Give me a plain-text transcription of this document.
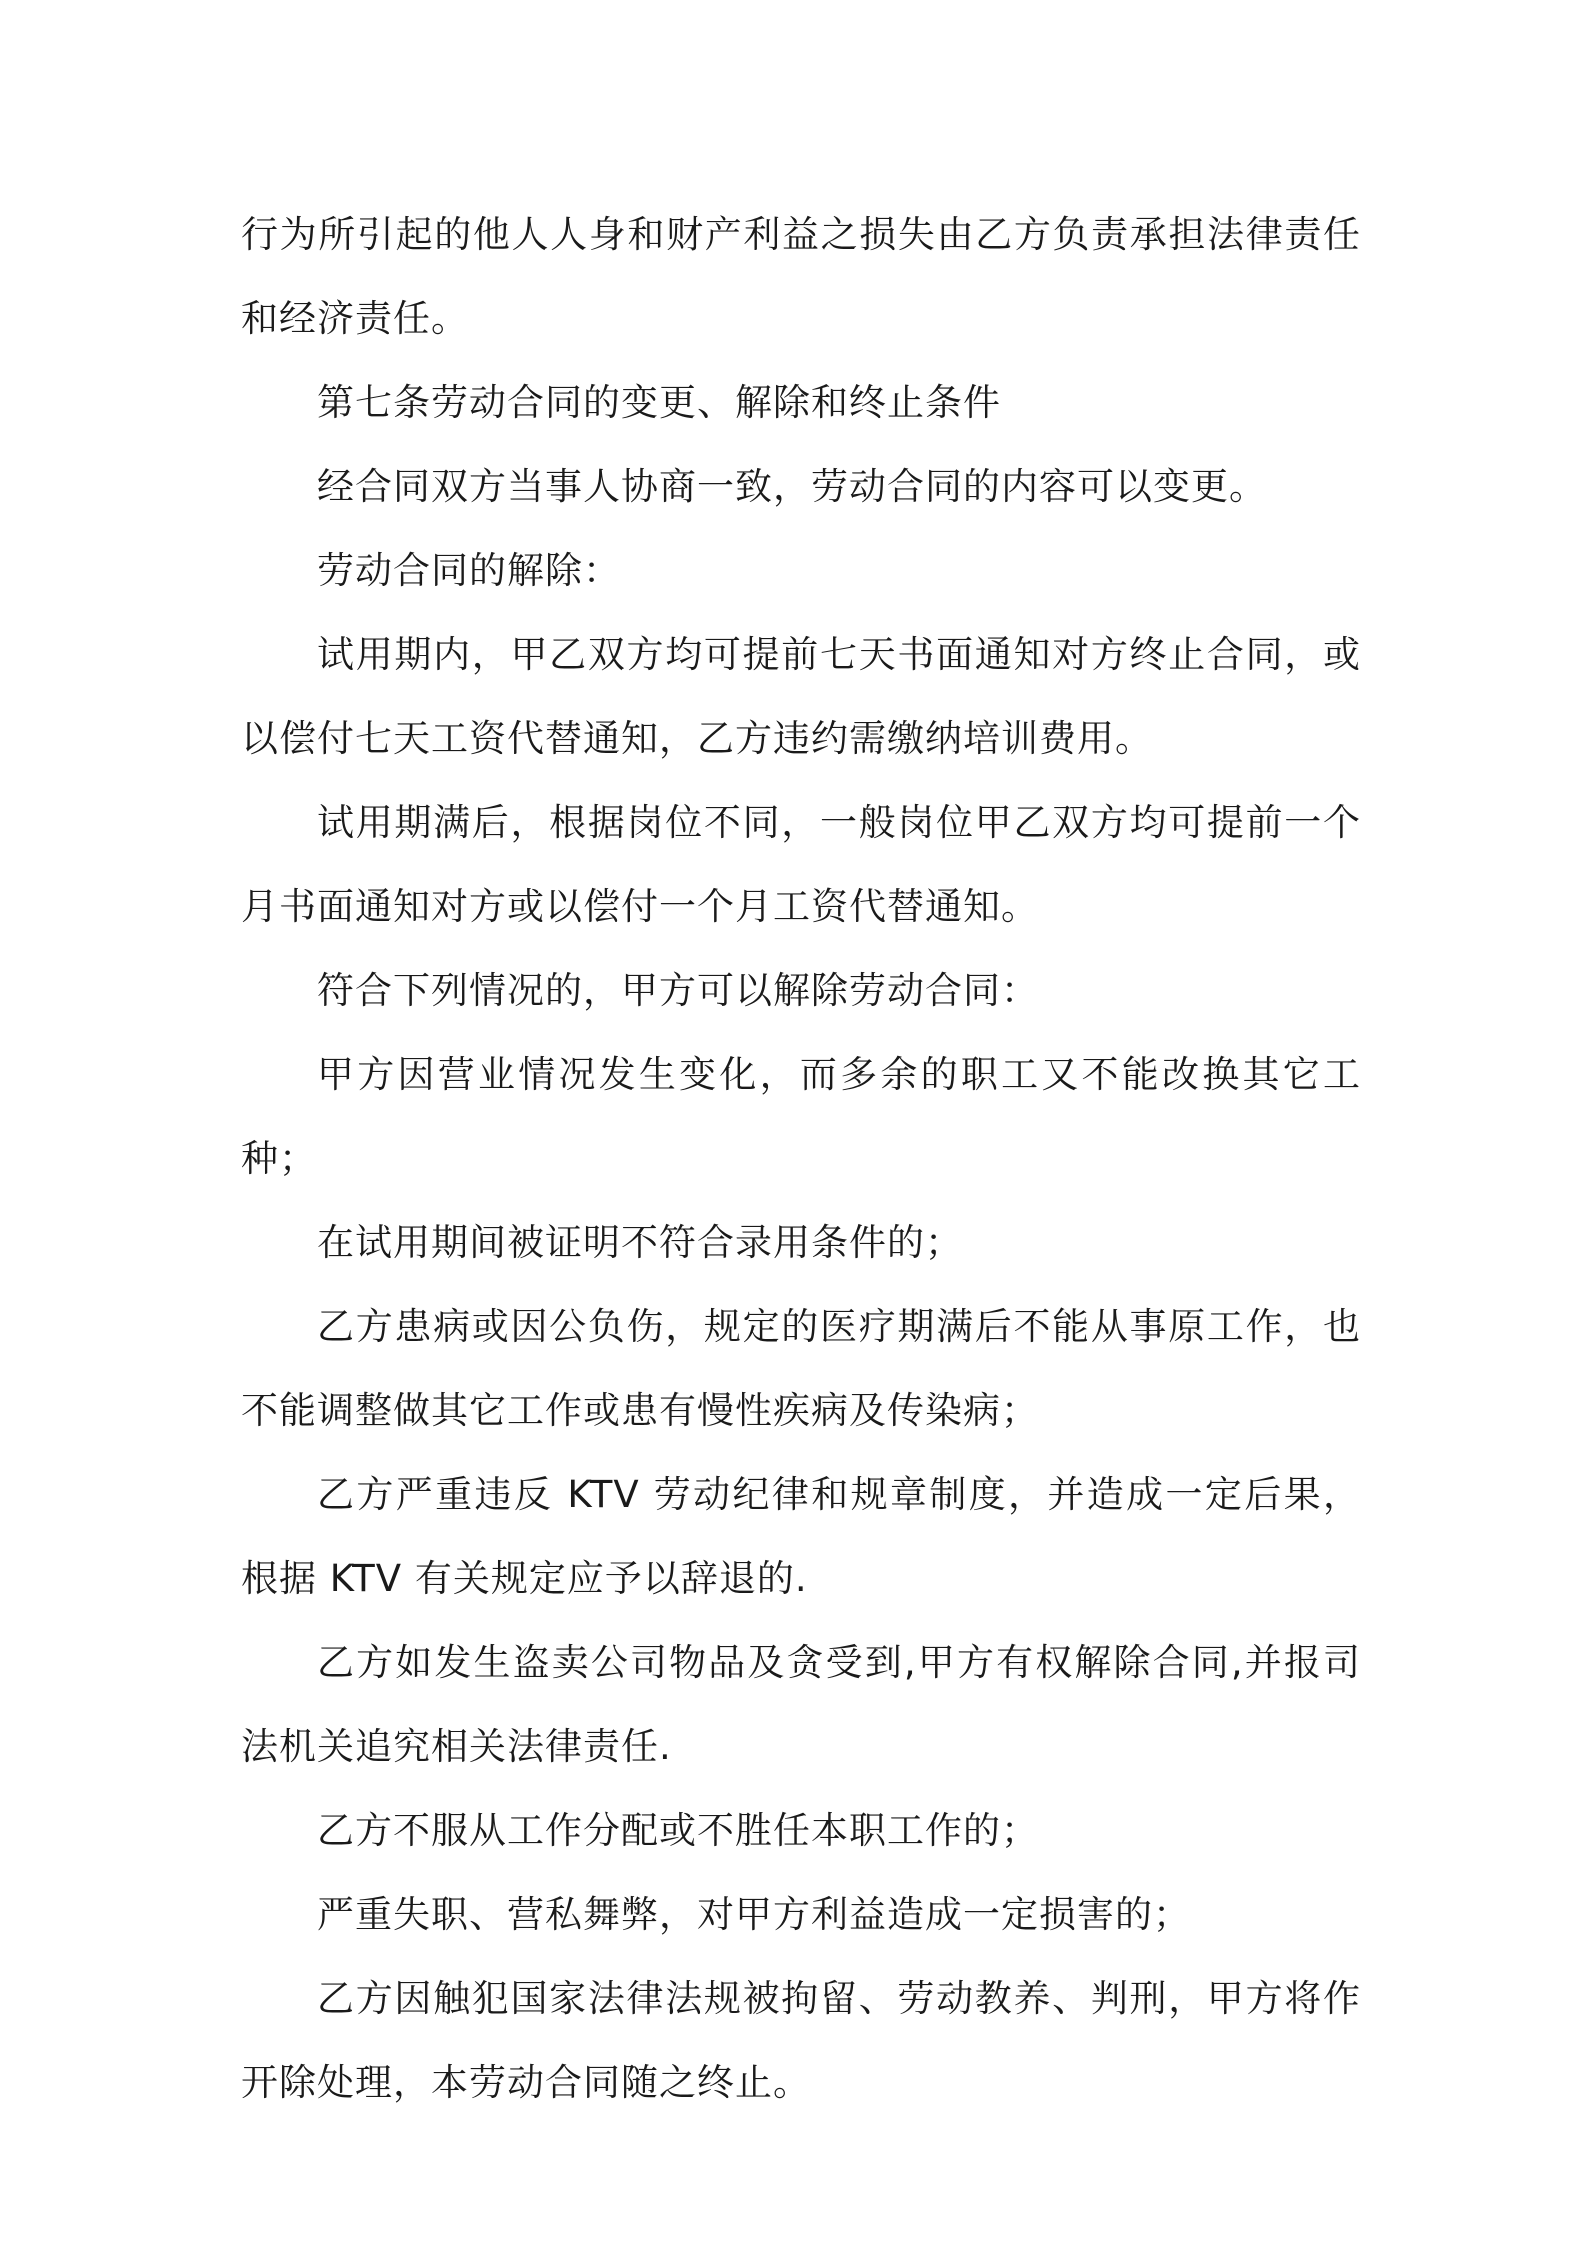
行为所引起的他人人身和财产利益之损失由乙方负责承担法律责任和经济责任。

第七条劳动合同的变更、解除和终止条件

经合同双方当事人协商一致，劳动合同的内容可以变更。

劳动合同的解除：

试用期内，甲乙双方均可提前七天书面通知对方终止合同，或以偿付七天工资代替通知，乙方违约需缴纳培训费用。

试用期满后，根据岗位不同，一般岗位甲乙双方均可提前一个月书面通知对方或以偿付一个月工资代替通知。

符合下列情况的，甲方可以解除劳动合同：

甲方因营业情况发生变化，而多余的职工又不能改换其它工种；

在试用期间被证明不符合录用条件的；

乙方患病或因公负伤，规定的医疗期满后不能从事原工作，也不能调整做其它工作或患有慢性疾病及传染病；

乙方严重违反 KTV 劳动纪律和规章制度，并造成一定后果，根据 KTV 有关规定应予以辞退的.

乙方如发生盗卖公司物品及贪受到,甲方有权解除合同,并报司法机关追究相关法律责任.

乙方不服从工作分配或不胜任本职工作的；

严重失职、营私舞弊，对甲方利益造成一定损害的；

乙方因触犯国家法律法规被拘留、劳动教养、判刑，甲方将作开除处理，本劳动合同随之终止。
